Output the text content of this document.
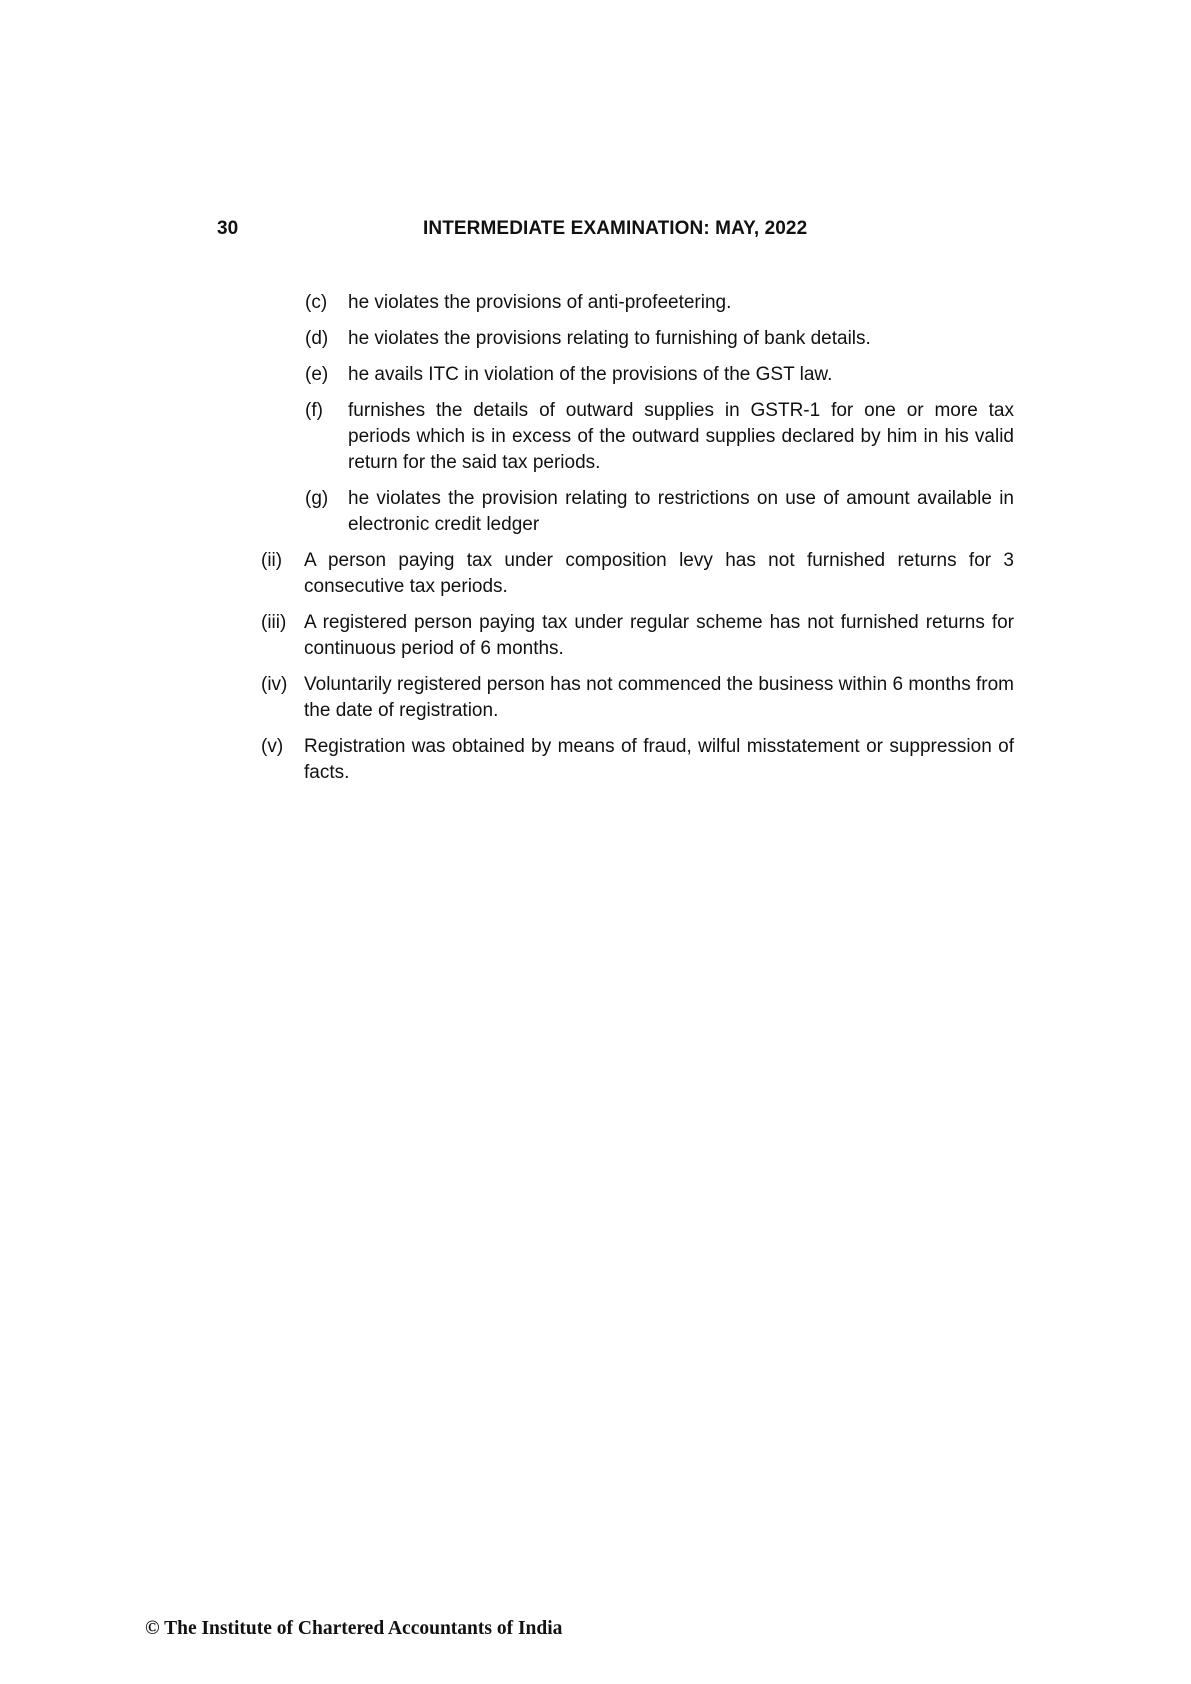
30	INTERMEDIATE EXAMINATION: MAY, 2022
(c) he violates the provisions of anti-profeetering.
(d) he violates the provisions relating to furnishing of bank details.
(e) he avails ITC in violation of the provisions of the GST law.
(f) furnishes the details of outward supplies in GSTR-1 for one or more tax periods which is in excess of the outward supplies declared by him in his valid return for the said tax periods.
(g) he violates the provision relating to restrictions on use of amount available in electronic credit ledger
(ii) A person paying tax under composition levy has not furnished returns for 3 consecutive tax periods.
(iii) A registered person paying tax under regular scheme has not furnished returns for continuous period of 6 months.
(iv) Voluntarily registered person has not commenced the business within 6 months from the date of registration.
(v) Registration was obtained by means of fraud, wilful misstatement or suppression of facts.
© The Institute of Chartered Accountants of India
